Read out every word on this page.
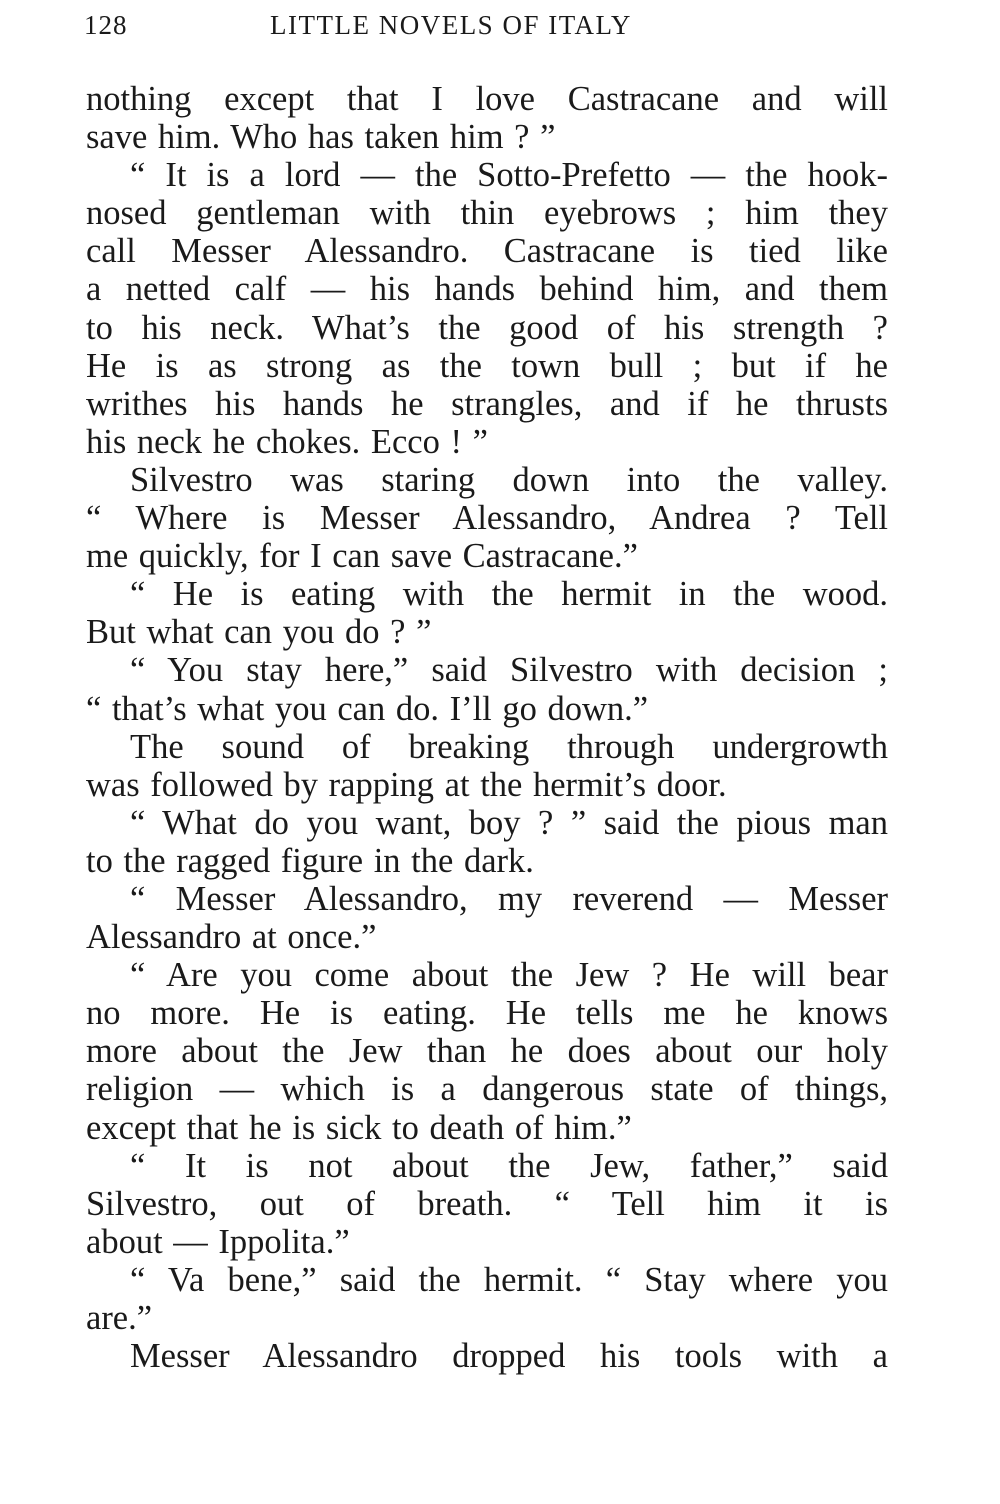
128	LITTLE NOVELS OF ITALY
nothing except that I love Castracane and will
save him. Who has taken him ? ”
“ It is a lord — the Sotto-Prefetto — the hook-
nosed gentleman with thin eyebrows ; him they
call Messer Alessandro. Castracane is tied like
a netted calf — his hands behind him, and them
to his neck. What’s the good of his strength ?
He is as strong as the town bull ; but if he
writhes his hands he strangles, and if he thrusts
his neck he chokes. Ecco ! ”
Silvestro was staring down into the valley.
“ Where is Messer Alessandro, Andrea ? Tell
me quickly, for I can save Castracane.”
“ He is eating with the hermit in the wood.
But what can you do ? ”
“ You stay here,” said Silvestro with decision ;
“ that’s what you can do. I’ll go down.”
The sound of breaking through undergrowth
was followed by rapping at the hermit’s door.
“ What do you want, boy ? ” said the pious man
to the ragged figure in the dark.
“ Messer Alessandro, my reverend — Messer
Alessandro at once.”
“ Are you come about the Jew ? He will bear
no more. He is eating. He tells me he knows
more about the Jew than he does about our holy
religion — which is a dangerous state of things,
except that he is sick to death of him.”
“ It is not about the Jew, father,” said
Silvestro, out of breath. “ Tell him it is
about — Ippolita.”
“ Va bene,” said the hermit. “ Stay where you
are.”
Messer Alessandro dropped his tools with a
